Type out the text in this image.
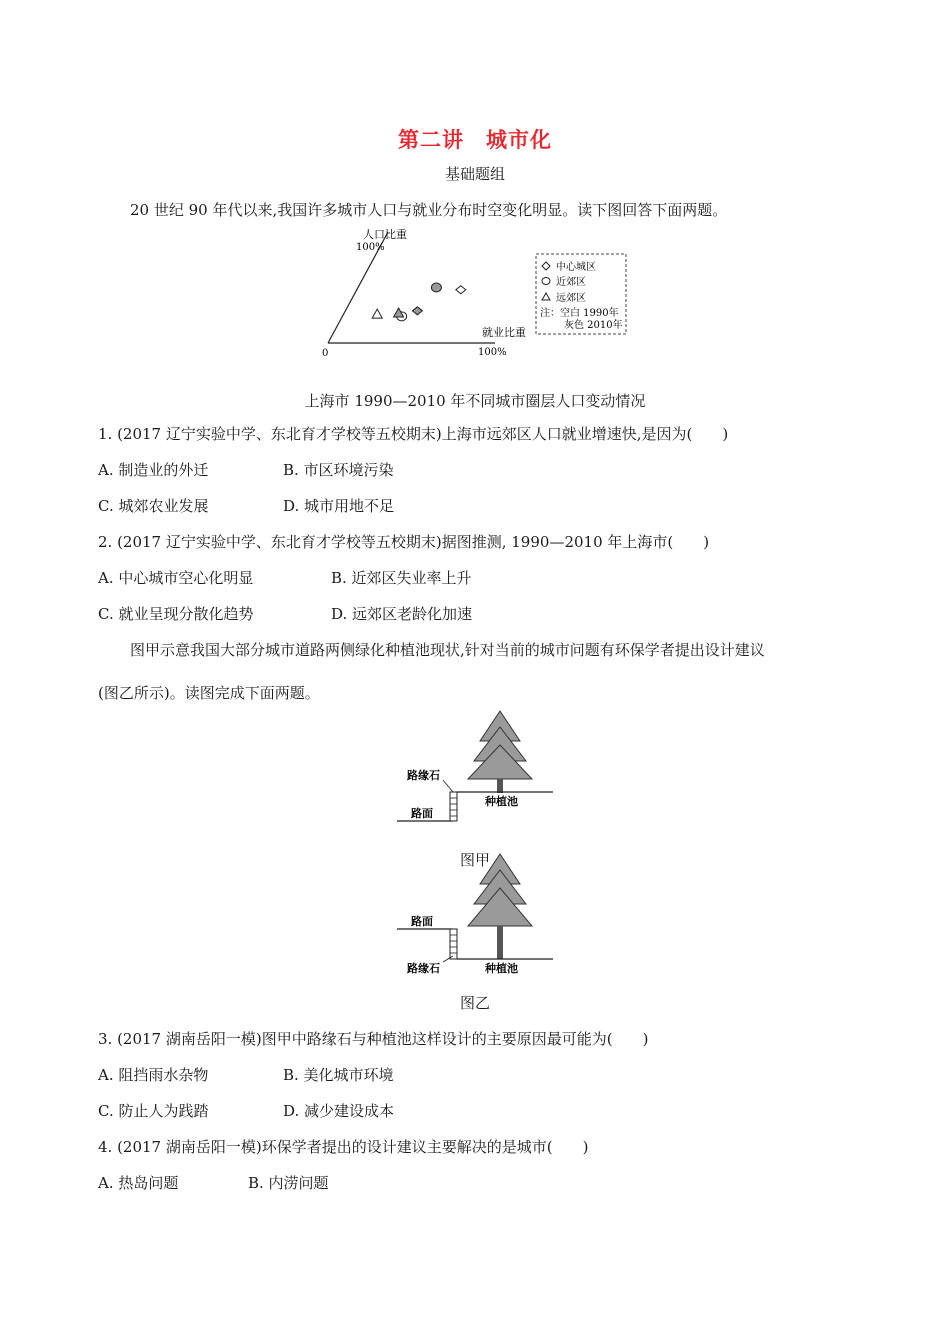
第二讲　城市化
基础题组
20 世纪 90 年代以来,我国许多城市人口与就业分布时空变化明显。读下图回答下面两题。
人口比重
100%
就业比重
100%
0
中心城区
近郊区
远郊区
注：空白 1990年
灰色 2010年
上海市 1990—2010 年不同城市圈层人口变动情况
1. (2017 辽宁实验中学、东北育才学校等五校期末)上海市远郊区人口就业增速快,是因为(　　)
A. 制造业的外迁	B. 市区环境污染
C. 城郊农业发展	D. 城市用地不足
2. (2017 辽宁实验中学、东北育才学校等五校期末)据图推测, 1990—2010 年上海市(　　)
A. 中心城市空心化明显	B. 近郊区失业率上升
C. 就业呈现分散化趋势	D. 远郊区老龄化加速
图甲示意我国大部分城市道路两侧绿化种植池现状,针对当前的城市问题有环保学者提出设计建议
(图乙所示)。读图完成下面两题。
路缘石
路面
种植池
图甲
路面
路缘石	种植池
图乙
3. (2017 湖南岳阳一模)图甲中路缘石与种植池这样设计的主要原因最可能为(　　)
A. 阻挡雨水杂物	B. 美化城市环境
C. 防止人为践踏	D. 减少建设成本
4. (2017 湖南岳阳一模)环保学者提出的设计建议主要解决的是城市(　　)
A. 热岛问题	B. 内涝问题
